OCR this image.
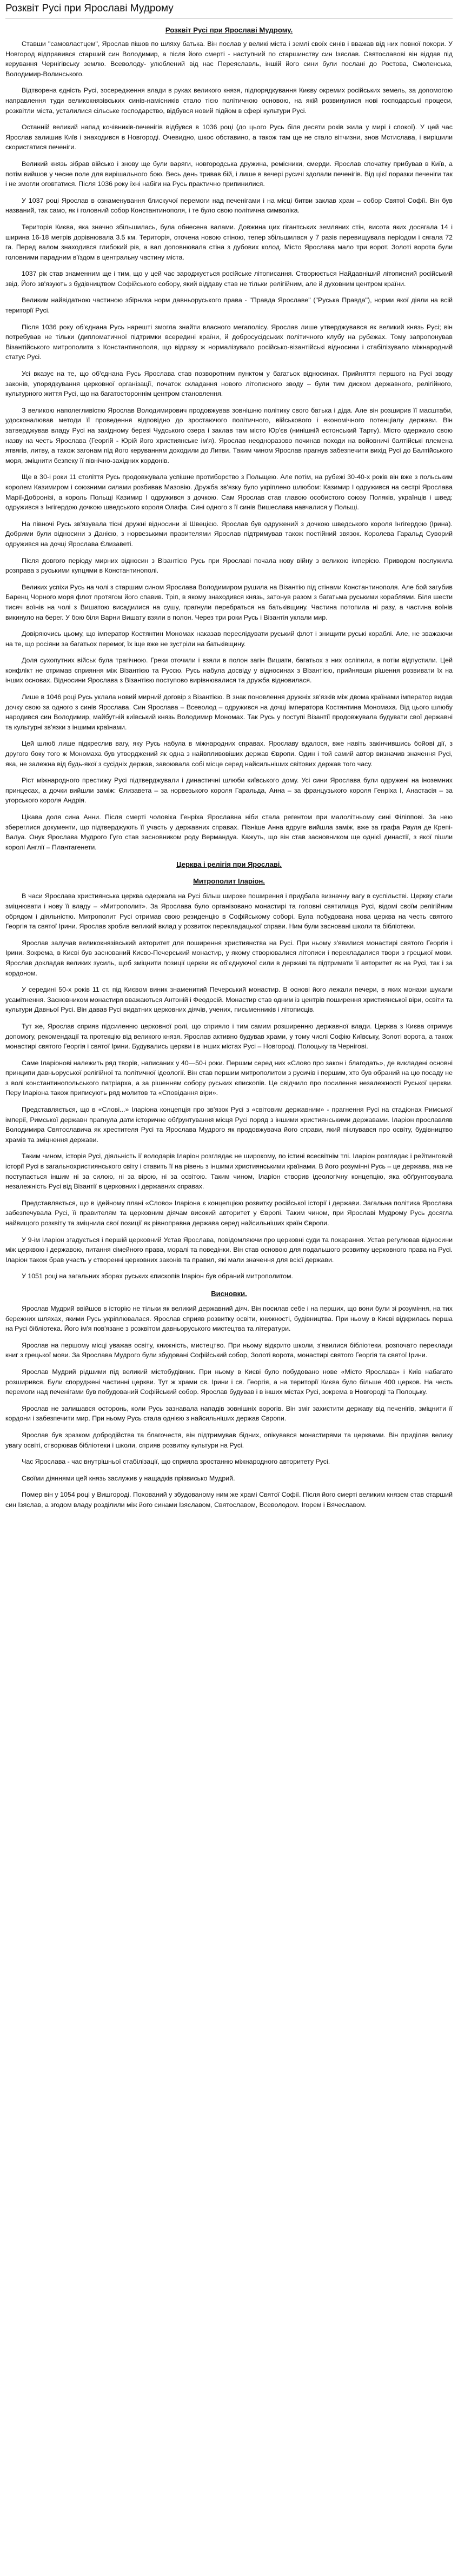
Розквіт Русі при Ярославі Мудрому
Розквіт Русі при Ярославі Мудрому.

Ставши "самовластцем", Ярослав пішов по шляху батька. Він послав у великі міста і землі своїх синів і вважав від них повної покори. У Новгород відправився старший син Володимир, а після його смерті - наступний по старшинству син Ізяслав. Святославові він віддав під керування Чернігівську землю. Всеволоду- улюблений від нас Переяславль, іншій його сини були послані до Ростова, Смоленська, Володимир-Волинського.

Відтворена єдність Русі, зосередження влади в руках великого князя, підпорядкування Києву окремих російських земель, за допомогою направлення туди великокнязівських синів-намісників стало тією політичною основою, на якій розвинулися нові господарські процеси, розквітли міста, усталилися сільське господарство, відбувся новий підйом в сфері культури Русі.

Останній великий напад кочівників-печенігів відбувся в 1036 році (до цього Русь біля десяти років жила у мирі і спокої). У цей час Ярослав залишив Київ і знаходився в Новгороді. Очевидно, шкос обставино, а також там ще не стало вітчизни, знов Мстислава, і вирішили скористатися печеніги.

Великий князь зібрав військо і знову ще були варяги, новгородська дружина, ремісники, смерди. Ярослав спочатку прибував в Київ, а потім вийшов у чесне поле для вирішального бою. Весь день тривав бій, і лише в вечері русичі здолали печенігів. Від цієї поразки печеніги так і не змогли оговтатися. Після 1036 року їхні набіги на Русь практично припинилися.

У 1037 році Ярослав в ознаменування блискучої перемоги над печенігами і на місці битви заклав храм – собор Святої Софії. Він був названий, так само, як і головний собор Константинополя, і те було свою політична символіка.

Територія Києва, яка значно збільшилась, була обнесена валами. Довжина цих гігантських земляних стін, висота яких досягала 14 і ширина 16-18 метрів дорівнювала 3.5 км. Територія, оточена новою стіною, тепер збільшилася у 7 разів перевищувала періодом і сягала 72 га. Перед валом знаходився глибокий рів, а вал доповнювала стіна з дубових колод. Місто Ярослава мало три ворот. Золоті ворота були головними парадним в'їздом в центральну частину міста.

1037 рік став знаменним ще і тим, що у цей час зароджується російське літописання. Створюється Найдавніший літописний російський звід. Його зв'язують з будівництвом Софійського собору, який віддаву став не тільки релігійним, але й духовним центром країни.

Великим найвідатною частиною збірника норм давньоруського права - "Правда Ярославе" ("Руська Правда"), норми якої діяли на всій території Русі.

Після 1036 року об'єднана Русь нарешті змогла знайти власного мегаполісу. Ярослав лише утверджувався як великий князь Русі; він потребував не тільки (дипломатичної підтримки всередині країни, й добросусідських політичного клубу на рубежах. Тому запропонував Візантійського митрополита з Константинополя, що відразу ж нормалізувало російсько-візантійські відносини і стабілізувало міжнародний статус Русі.

Усі вказує на те, що об'єднана Русь Ярослава став позворотним пунктом у багатьох відносинах. Прийняття першого на Русі зводу законів, упорядкування церковної організації, початок складання нового літописного зводу – були тим диском державного, релігійного, культурного життя Русі, що на багатостороннім центром становлення.

З великою наполегливістю Ярослав Володимирович продовжував зовнішню політику свого батька і діда. Але він розширив її масштаби, удосконалював методи її проведення відповідно до зростаючого політичного, військового і економічного потенціалу держави. Він затверджував владу Русі на західному березі Чудського озера і заклав там місто Юр'єв (нинішній естонський Тарту). Місто одержало свою назву на честь Ярослава (Георгій - Юрій його християнське ім'я). Ярослав неодноразово починав походи на войовничі балтійські племена ятвягів, литву, а також загонам під його керуванням доходили до Литви. Таким чином Ярослав прагнув забезпечити вихід Русі до Балтійського моря, зміцнити безпеку її північно-західних кордонів.

Ще в 30-і роки 11 століття Русь продовжувала успішне протиборство з Польщею. Але потім, на рубежі 30-40-х років він вже з польським королем Казимиром і союзними силами розбивав Мазовію. Дружба зв'язку було укріплено шлюбом: Казимир I одружився на сестрі Ярослава Марії-Добронізі, а король Польщі Казимир I одружився з дочкою. Сам Ярослав став главою особистого союзу Поляків, українців і швед: одружився з Інгігердою дочкою шведського короля Олафа. Сині одного з її синів Вишеслава навчалися у Польщі.

На півночі Русь зв'язувала тісні дружні відносини зі Швецією. Ярослав був одружений з дочкою шведського короля Інгігердою (Ірина). Добрими були відносини з Данією, з норвезькими правителями Ярослав підтримував також постійний звязок. Королева Гаральд Суворий одружився на дочці Ярослава Єлизаветі.

Після довгого періоду мирних відносин з Візантією Русь при Ярославі почала нову війну з великою імперією. Приводом послужила розправа з руськими купцями в Константинополі.

Великих успіхи Русь на чолі з старшим сином Ярослава Володимиром рушила на Візантію під стінами Константинополя. Але бой загубив Баренц Чорного моря флот протягом його спавив. Тріп, в якому знаходився князь, затонув разом з багатьма руськими кораблями. Біля шести тисяч воїнів на чолі з Вишатою висадилися на сушу, прагнули перебраться на батьківщину. Частина потопила ні разу, а частина воїнів викинуло на берег. У бою біля Варни Вишату взяли в полон. Через три роки Русь і Візантія уклали мир.

Довіряючись цьому, що імператор Костянтин Мономах наказав переслідувати руський флот і знищити руські кораблі. Але, не зважаючи на те, що росіяни за багатьох перемог, їх іще вже не зустріли на батьківщину.

Доля сухопутних військ була трагічною. Греки оточили і взяли в полон загін Вишати, багатьох з них осліпили, а потім відпустили. Цей конфлікт не отримав сприяння між Візантією та Руссю. Русь набула досвіду у відносинах з Візантією, прийнявши рішення розвивати їх на інших основах. Відносини Ярослава з Візантією поступово вирівнювалися та дружба відновилася.

Лише в 1046 році Русь уклала новий мирний договір з Візантією. В знак поновлення дружніх зв'язків між двома країнами імператор видав дочку свою за одного з синів Ярослава. Син Ярослава – Всеволод – одружився на дочці імператора Костянтина Мономаха. Від цього шлюбу народився син Володимир, майбутній київський князь Володимир Мономах. Так Русь у поступі Візантії продовжувала будувати свої державні та культурні зв'язки з іншими країнами.

Цей шлюб лише підкреслив вагу, яку Русь набула в міжнародних справах. Ярославу вдалося, вже навіть закінчившись бойові дії, з другого боку того ж Мономаха був утверджений як одна з найвпливовіших держав Європи. Один і той самий автор визначив значення Русі, яка, не залежна від будь-якої з сусідніх держав, завоювала собі місце серед найсильніших світових держав того часу.

Ріст міжнародного престижу Русі підтверджували і династичні шлюби київського дому. Усі сини Ярослава були одружені на іноземних принцесах, а дочки вийшли заміж: Єлизавета – за норвезького короля Гаральда, Анна – за французького короля Генріха І, Анастасія – за угорського короля Андрія.

Цікава доля сина Анни. Після смерті чоловіка Генріха Ярославна ніби стала регентом при малолітньому сині Філіппові. За нею збереглися документи, що підтверджують її участь у державних справах. Пізніше Анна вдруге вийшла заміж, вже за графа Рауля де Крепі-Валуа. Онук Ярослава Мудрого Гуго став засновником роду Вермандуа. Кажуть, що він став засновником ще однієї династії, з якої пішли королі Англії – Плантагенети.

Церква і релігія при Ярославі.
Митрополит Іларіон.

В часи Ярослава християнська церква одержала на Русі більш широке поширення і придбала визначну вагу в суспільстві. Церкву стали зміцнювати і нову її владу – «Митрополит». За Ярослава було організовано монастирі та головні святилища Русі, відомі своїм релігійним обрядом і діяльністю. Митрополит Русі отримав свою резиденцію в Софійському соборі. Була побудована нова церква на честь святого Георгія та святої Ірини. Ярослав зробив великий вклад у розвиток перекладацької справи. Ним були засновані школи та бібліотеки.

Ярослав залучав великокнязівський авторитет для поширення християнства на Русі. При ньому з'явилися монастирі святого Георгія і Ірини. Зокрема, в Києві був заснований Києво-Печерський монастир, у якому створювалися літописи і перекладалися твори з грецької мови. Ярослав докладав великих зусиль, щоб зміцнити позиції церкви як об'єднуючої сили в державі та підтримати її авторитет як на Русі, так і за кордоном.

У середині 50-х років 11 ст. під Києвом виник знаменитий Печерський монастир. В основі його лежали печери, в яких монахи шукали усамітнення. Засновником монастиря вважаються Антоній і Феодосій. Монастир став одним із центрів поширення християнської віри, освіти та культури Давньої Русі. Він давав Русі видатних церковних діячів, учених, письменників і літописців.

Тут же, Ярослав сприяв підсиленню церковної ролі, що сприяло і тим самим розширенню державної влади. Церква з Києва отримує допомогу, рекомендації та протекцію від великого князя. Ярослав активно будував храми, у тому числі Софію Київську, Золоті ворота, а також монастирі святого Георгія і святої Ірини. Будувались церкви і в інших містах Русі – Новгороді, Полоцьку та Чернігові.

Саме Іларіонові належить ряд творів, написаних у 40—50-і роки. Першим серед них «Слово про закон і благодать», де викладені основні принципи давньоруської релігійної та політичної ідеології. Він став першим митрополитом з русичів і першим, хто був обраний на цю посаду не з волі константинопольського патріарха, а за рішенням собору руських єпископів. Це свідчило про посилення незалежності Руської церкви. Перу Іларіона також приписують ряд молитов та «Сповідання віри».

Представляється, що в «Слові...» Іларіона концепція про зв'язок Русі з «світовим державним» - прагнення Русі на стадіонах Римської імперії, Римської державн прагнула дати історичне обґрунтування місця Русі поряд з іншими християнськими державами. Іларіон прославляв Володимира Святославича як хрестителя Русі та Ярослава Мудрого як продовжувача його справи, який піклувався про освіту, будівництво храмів та зміцнення держави.

Таким чином, історія Русі, діяльність її володарів Іларіон розглядає не широкому, по істині всесвітнім тлі. Іларіон розглядає і рейтинговий історії Русі в загальнохристиянського світу і ставить її на рівень з іншими християнськими країнами. В його розумінні Русь – це держава, яка не поступається іншим ні за силою, ні за вірою, ні за освітою. Таким чином, Іларіон створив ідеологічну концепцію, яка обґрунтовувала незалежність Русі від Візантії в церковних і державних справах.

Представляється, що в ідейному плані «Слово» Іларіона є концепцією розвитку російської історії і держави. Загальна політика Ярослава забезпечувала Русі, її правителям та церковним діячам високий авторитет у Європі. Таким чином, при Ярославі Мудрому Русь досягла найвищого розквіту та зміцнила свої позиції як рівноправна держава серед найсильніших країн Європи.

У 9-ім Іларіон згадується і першій церковний Устав Ярослава, повідомляючи про церковні суди та покарання. Устав регулював відносини між церквою і державою, питання сімейного права, моралі та поведінки. Він став основою для подальшого розвитку церковного права на Русі. Іларіон також брав участь у створенні церковних законів та правил, які мали значення для всієї держави.

У 1051 році на загальних зборах руських єпископів Іларіон був обраний митрополитом.

Висновки.

Ярослав Мудрий ввійшов в історію не тільки як великий державний діяч. Він посилав себе і на перших, що вони були зі розуміння, на тих бережних шляхах, якими Русь укріплювалася. Ярослав сприяв розвитку освіти, книжності, будівництва. При ньому в Києві відкрилась перша на Русі бібліотека. Його ім'я пов'язане з розквітом давньоруського мистецтва та літератури.

Ярослав на першому місці уважав освіту, книжність, мистецтво. При ньому відкрито школи, з'явилися бібліотеки, розпочато переклади книг з грецької мови. За Ярослава Мудрого були збудовані Софійський собор, Золоті ворота, монастирі святого Георгія та святої Ірини.

Ярослав Мудрий рідшими під великий містобудівник. При ньому в Києві було побудовано нове «Місто Ярослава» і Київ набагато розширився. Були споруджені частинні церкви. Тут ж храми св. Ірини і св. Георгія, а на території Києва було більше 400 церков. На честь перемоги над печенігами був побудований Софійський собор. Ярослав будував і в інших містах Русі, зокрема в Новгороді та Полоцьку.

Ярослав не залишався осторонь, коли Русь зазнавала нападів зовнішніх ворогів. Він зміг захистити державу від печенігів, зміцнити її кордони і забезпечити мир. При ньому Русь стала однією з найсильніших держав Європи.

Ярослав був зразком добродійства та благочестя, він підтримував бідних, опікувався монастирями та церквами. Він приділяв велику увагу освіті, створював бібліотеки і школи, сприяв розвитку культури на Русі.

Час Ярослава - час внутрішньої стабілізації, що сприяла зростанню міжнародного авторитету Русі.

Своїми діяннями цей князь заслужив у нащадків прізвисько Мудрий.

Помер він у 1054 році у Вишгороді. Похований у збудованому ним же храмі Святої Софії. Після його смерті великим князем став старший син Ізяслав, а згодом владу розділили між його синами Ізяславом, Святославом, Всеволодом. Ігорем і Вячеславом.
